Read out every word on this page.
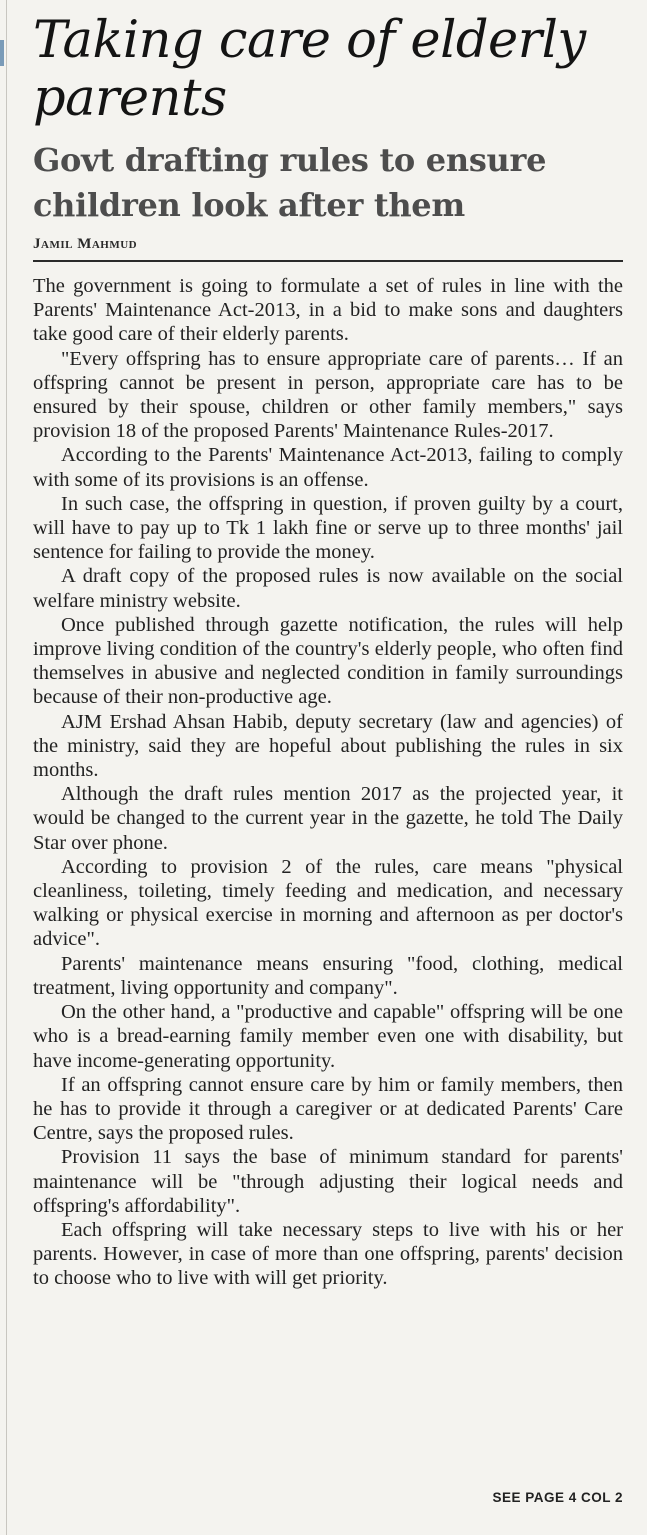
Taking care of elderly parents
Govt drafting rules to ensure children look after them
Jamil Mahmud

The government is going to formulate a set of rules in line with the Parents' Maintenance Act-2013, in a bid to make sons and daughters take good care of their elderly parents.

"Every offspring has to ensure appropriate care of parents… If an offspring cannot be present in person, appropriate care has to be ensured by their spouse, children or other family members," says provision 18 of the proposed Parents' Maintenance Rules-2017.

According to the Parents' Maintenance Act-2013, failing to comply with some of its provisions is an offense.

In such case, the offspring in question, if proven guilty by a court, will have to pay up to Tk 1 lakh fine or serve up to three months' jail sentence for failing to provide the money.

A draft copy of the proposed rules is now available on the social welfare ministry website.

Once published through gazette notification, the rules will help improve living condition of the country's elderly people, who often find themselves in abusive and neglected condition in family surroundings because of their non-productive age.

AJM Ershad Ahsan Habib, deputy secretary (law and agencies) of the ministry, said they are hopeful about publishing the rules in six months.

Although the draft rules mention 2017 as the projected year, it would be changed to the current year in the gazette, he told The Daily Star over phone.

According to provision 2 of the rules, care means "physical cleanliness, toileting, timely feeding and medication, and necessary walking or physical exercise in morning and afternoon as per doctor's advice".

Parents' maintenance means ensuring "food, clothing, medical treatment, living opportunity and company".

On the other hand, a "productive and capable" offspring will be one who is a bread-earning family member even one with disability, but have income-generating opportunity.

If an offspring cannot ensure care by him or family members, then he has to provide it through a caregiver or at dedicated Parents' Care Centre, says the proposed rules.

Provision 11 says the base of minimum standard for parents' maintenance will be "through adjusting their logical needs and offspring's affordability".

Each offspring will take necessary steps to live with his or her parents. However, in case of more than one offspring, parents' decision to choose who to live with will get priority.

SEE PAGE 4 COL 2
